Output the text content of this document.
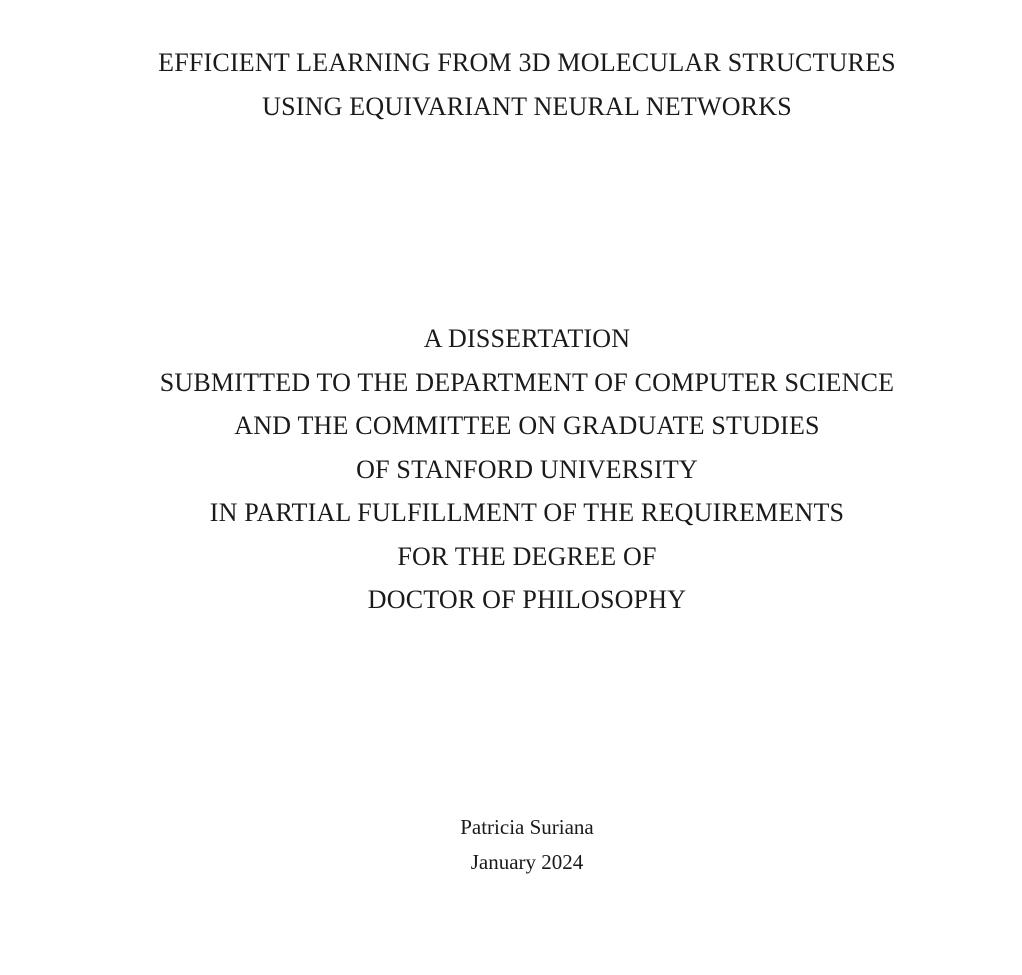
EFFICIENT LEARNING FROM 3D MOLECULAR STRUCTURES
USING EQUIVARIANT NEURAL NETWORKS
A DISSERTATION
SUBMITTED TO THE DEPARTMENT OF COMPUTER SCIENCE
AND THE COMMITTEE ON GRADUATE STUDIES
OF STANFORD UNIVERSITY
IN PARTIAL FULFILLMENT OF THE REQUIREMENTS
FOR THE DEGREE OF
DOCTOR OF PHILOSOPHY
Patricia Suriana
January 2024
